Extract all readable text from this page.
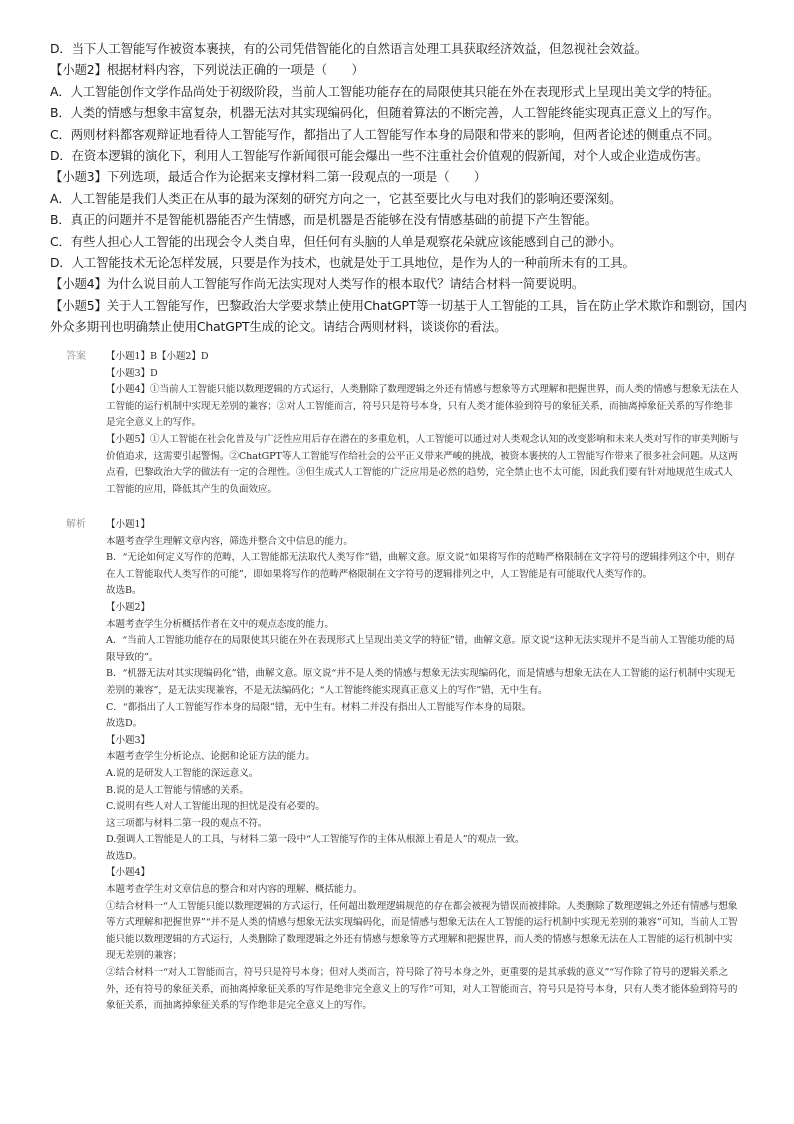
D．当下人工智能写作被资本裹挟，有的公司凭借智能化的自然语言处理工具获取经济效益，但忽视社会效益。

【小题2】根据材料内容，下列说法正确的一项是（　　）

A．人工智能创作文学作品尚处于初级阶段，当前人工智能功能存在的局限使其只能在外在表现形式上呈现出美文学的特征。

B．人类的情感与想象丰富复杂，机器无法对其实现编码化，但随着算法的不断完善，人工智能终能实现真正意义上的写作。

C．两则材料都客观辩证地看待人工智能写作，都指出了人工智能写作本身的局限和带来的影响，但两者论述的侧重点不同。

D．在资本逻辑的演化下，利用人工智能写作新闻很可能会爆出一些不注重社会价值观的假新闻，对个人或企业造成伤害。

【小题3】下列选项，最适合作为论据来支撑材料二第一段观点的一项是（　　）

A．人工智能是我们人类正在从事的最为深刻的研究方向之一，它甚至要比火与电对我们的影响还要深刻。

B．真正的问题并不是智能机器能否产生情感，而是机器是否能够在没有情感基础的前提下产生智能。

C．有些人担心人工智能的出现会令人类自卑，但任何有头脑的人单是观察花朵就应该能感到自己的渺小。

D．人工智能技术无论怎样发展，只要是作为技术，也就是处于工具地位，是作为人的一种前所未有的工具。

【小题4】为什么说目前人工智能写作尚无法实现对人类写作的根本取代？请结合材料一简要说明。

【小题5】关于人工智能写作，巴黎政治大学要求禁止使用ChatGPT等一切基于人工智能的工具，旨在防止学术欺诈和剽窃，国内外众多期刊也明确禁止使用ChatGPT生成的论文。请结合两则材料，谈谈你的看法。

答案 【小题1】B【小题2】D

【小题3】D

【小题4】①当前人工智能只能以数理逻辑的方式运行，人类删除了数理逻辑之外还有情感与想象等方式理解和把握世界，而人类的情感与想象无法在人工智能的运行机制中实现无差别的兼容；②对人工智能而言，符号只是符号本身，只有人类才能体验到符号的象征关系，而抽离掉象征关系的写作绝非是完全意义上的写作。

【小题5】①人工智能在社会化普及与广泛性应用后存在潜在的多重危机，人工智能可以通过对人类观念认知的改变影响和未来人类对写作的审美判断与价值追求，这需要引起警惕。②ChatGPT等人工智能写作给社会的公平正义带来严峻的挑战，被资本裹挟的人工智能写作带来了很多社会问题。从这两点看，巴黎政治大学的做法有一定的合理性。③但生成式人工智能的广泛应用是必然的趋势，完全禁止也不太可能，因此我们要有针对地规范生成式人工智能的应用，降低其产生的负面效应。

解析 【小题1】

本题考查学生理解文章内容，筛选并整合文中信息的能力。

B．“无论如何定义写作的范畴，人工智能都无法取代人类写作”错，曲解文意。原文说“如果将写作的范畴严格限制在文字符号的逻辑排列这个中，则存在人工智能取代人类写作的可能”，即如果将写作的范畴严格限制在文字符号的逻辑排列之中，人工智能是有可能取代人类写作的。

故选B。

【小题2】

本题考查学生分析概括作者在文中的观点态度的能力。

A．“当前人工智能功能存在的局限使其只能在外在表现形式上呈现出美文学的特征”错，曲解文意。原文说“这种无法实现并不是当前人工智能功能的局限导致的”。

B．“机器无法对其实现编码化”错，曲解文意。原文说“并不是人类的情感与想象无法实现编码化，而是情感与想象无法在人工智能的运行机制中实现无差别的兼容”，是无法实现兼容，不是无法编码化；“人工智能终能实现真正意义上的写作”错，无中生有。

C．“都指出了人工智能写作本身的局限”错，无中生有。材料二并没有指出人工智能写作本身的局限。

故选D。

【小题3】

本题考查学生分析论点、论据和论证方法的能力。

A.说的是研发人工智能的深远意义。

B.说的是人工智能与情感的关系。

C.说明有些人对人工智能出现的担忧是没有必要的。

这三项都与材料二第一段的观点不符。

D.强调人工智能是人的工具，与材料二第一段中“人工智能写作的主体从根源上看是人”的观点一致。

故选D。

【小题4】

本题考查学生对文章信息的整合和对内容的理解、概括能力。

①结合材料一“人工智能只能以数理逻辑的方式运行，任何超出数理逻辑规范的存在都会被视为错误而被排除。人类删除了数理逻辑之外还有情感与想象等方式理解和把握世界”“并不是人类的情感与想象无法实现编码化，而是情感与想象无法在人工智能的运行机制中实现无差别的兼容”可知，当前人工智能只能以数理逻辑的方式运行，人类删除了数理逻辑之外还有情感与想象等方式理解和把握世界，而人类的情感与想象无法在人工智能的运行机制中实现无差别的兼容；

②结合材料一“对人工智能而言，符号只是符号本身；但对人类而言，符号除了符号本身之外，更重要的是其承载的意义”“写作除了符号的逻辑关系之外，还有符号的象征关系，而抽离掉象征关系的写作是绝非完全意义上的写作”可知，对人工智能而言，符号只是符号本身，只有人类才能体验到符号的象征关系，而抽离掉象征关系的写作绝非是完全意义上的写作。
